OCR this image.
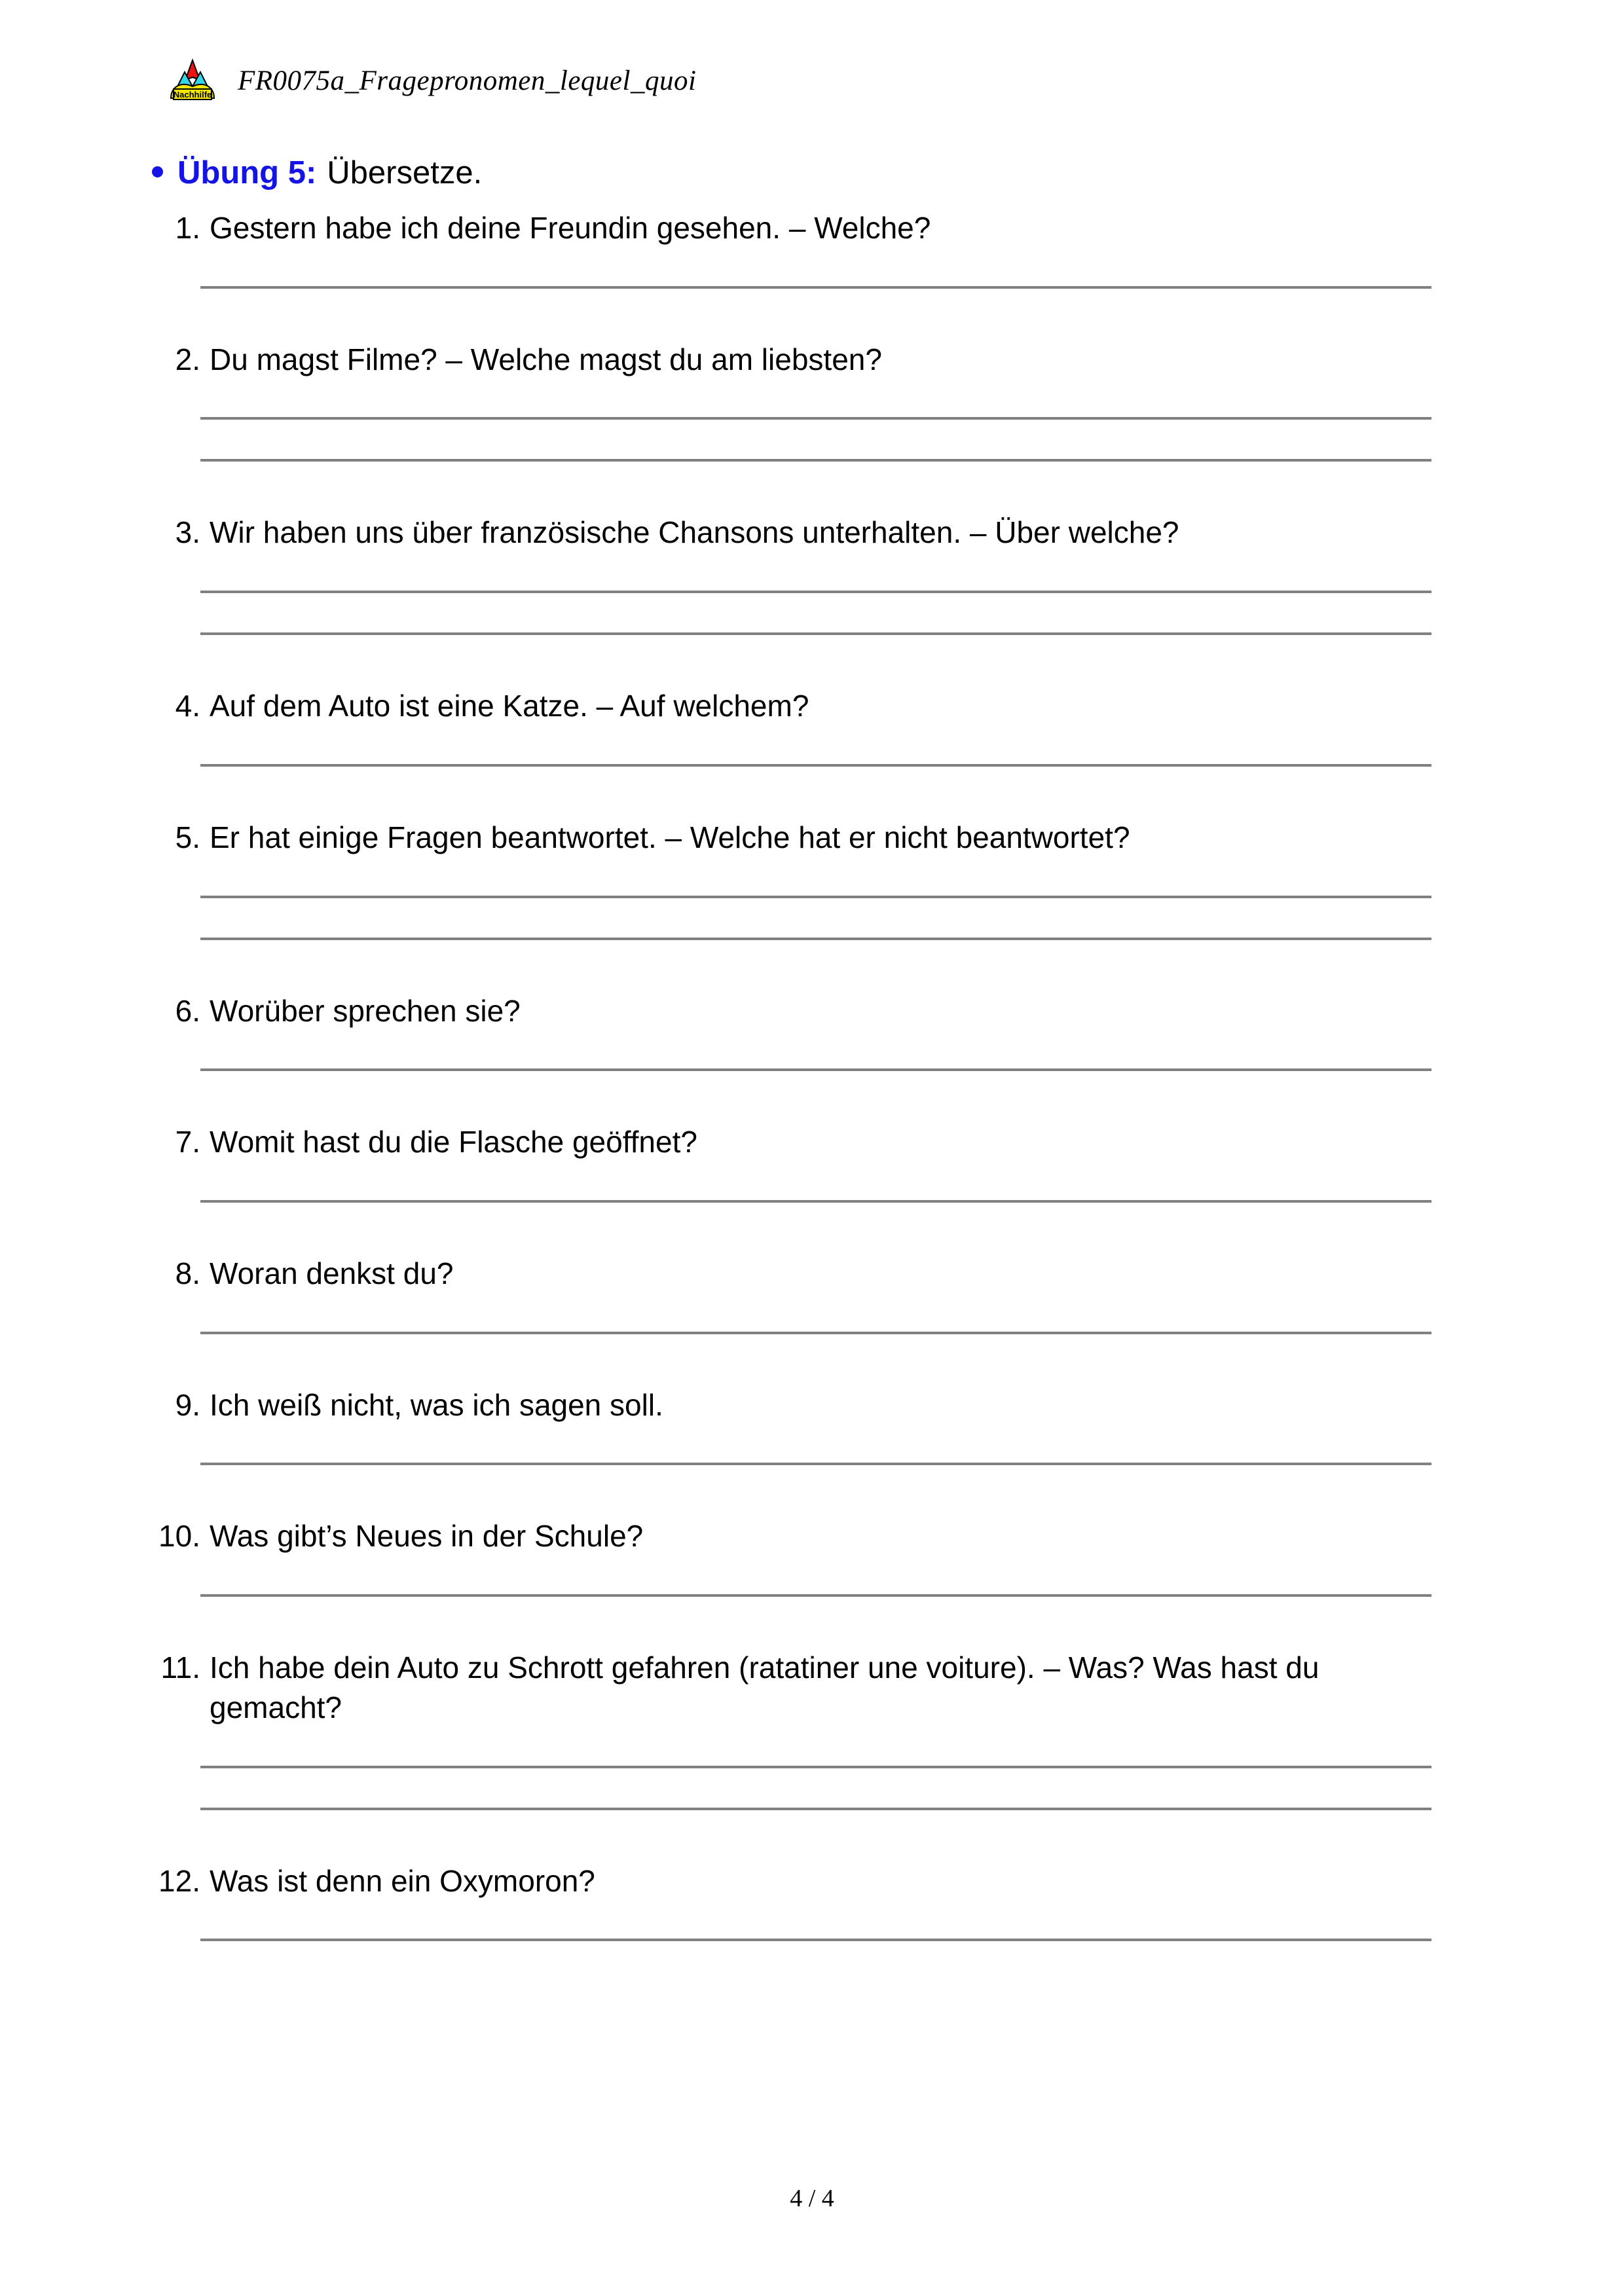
Nachhilfe FR0075a_Fragepronomen_lequel_quoi
Übung 5: Übersetze.
1. Gestern habe ich deine Freundin gesehen. – Welche?
2. Du magst Filme? – Welche magst du am liebsten?
3. Wir haben uns über französische Chansons unterhalten. – Über welche?
4. Auf dem Auto ist eine Katze. – Auf welchem?
5. Er hat einige Fragen beantwortet. – Welche hat er nicht beantwortet?
6. Worüber sprechen sie?
7. Womit hast du die Flasche geöffnet?
8. Woran denkst du?
9. Ich weiß nicht, was ich sagen soll.
10. Was gibt’s Neues in der Schule?
11. Ich habe dein Auto zu Schrott gefahren (ratatiner une voiture). – Was? Was hast du gemacht?
12. Was ist denn ein Oxymoron?
4 / 4
